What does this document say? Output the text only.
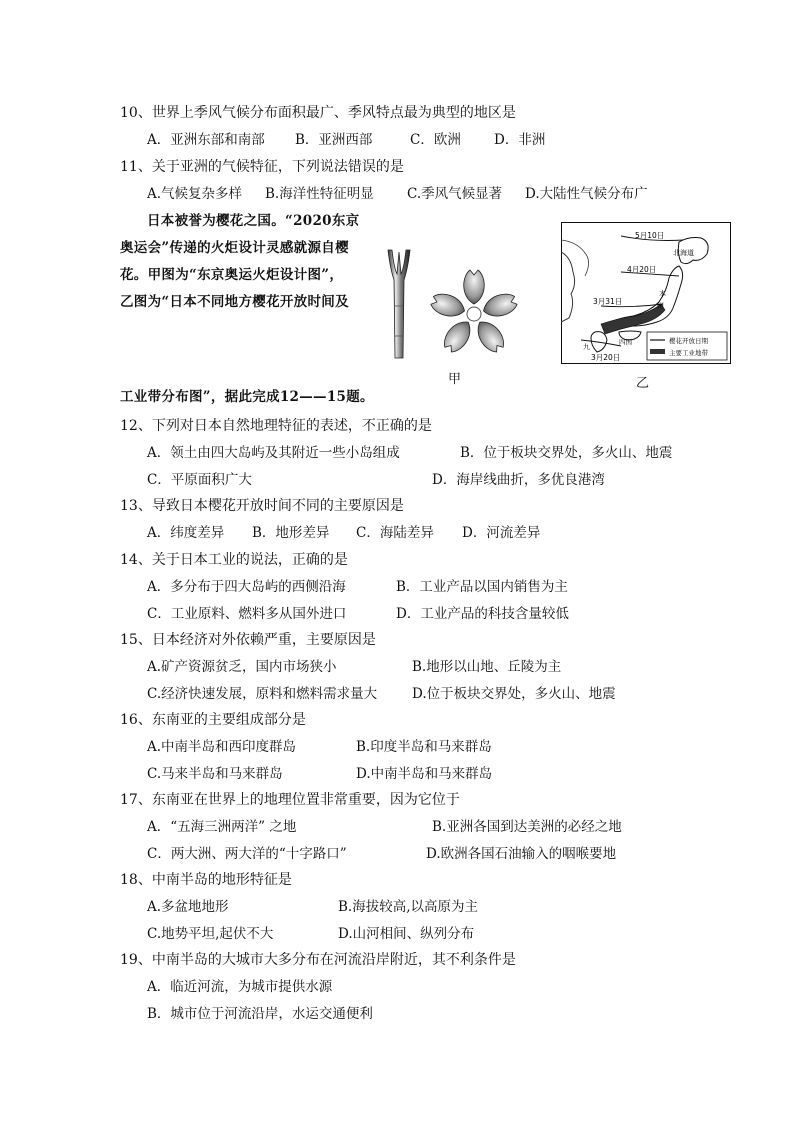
10、世界上季风气候分布面积最广、季风特点最为典型的地区是
A．亚洲东部和南部 B．亚洲西部	C．欧洲 D．非洲
11、关于亚洲的气候特征，下列说法错误的是
A.气候复杂多样 B.海洋性特征明显 C.季风气候显著 D.大陆性气候分布广
日本被誉为樱花之国。“2020东京
奥运会”传递的火炬设计灵感就源自樱
花。甲图为“东京奥运火炬设计图”，
乙图为“日本不同地方樱花开放时间及
工业带分布图”，据此完成12——15题。
5月10日
北海道
4月20日
本
州
3月31日
四国
九
3月20日
樱花开放日期
主要工业地带
甲	乙
12、下列对日本自然地理特征的表述，不正确的是
A．领土由四大岛屿及其附近一些小岛组成	B．位于板块交界处，多火山、地震
C．平原面积广大	D．海岸线曲折，多优良港湾
13、导致日本樱花开放时间不同的主要原因是
A．纬度差异 B．地形差异 C．海陆差异 D．河流差异
14、关于日本工业的说法，正确的是
A．多分布于四大岛屿的西侧沿海	B．工业产品以国内销售为主
C．工业原料、燃料多从国外进口	D．工业产品的科技含量较低
15、日本经济对外依赖严重，主要原因是
A.矿产资源贫乏，国内市场狭小	B.地形以山地、丘陵为主
C.经济快速发展，原料和燃料需求量大	D.位于板块交界处，多火山、地震
16、东南亚的主要组成部分是
A.中南半岛和西印度群岛	B.印度半岛和马来群岛
C.马来半岛和马来群岛	D.中南半岛和马来群岛
17、东南亚在世界上的地理位置非常重要，因为它位于
A．“五海三洲两洋” 之地	B.亚洲各国到达美洲的必经之地
C．两大洲、两大洋的“十字路口”	D.欧洲各国石油输入的咽喉要地
18、中南半岛的地形特征是
A.多盆地地形	B.海拔较高,以高原为主
C.地势平坦,起伏不大	D.山河相间、纵列分布
19、中南半岛的大城市大多分布在河流沿岸附近，其不利条件是
A．临近河流，为城市提供水源
B．城市位于河流沿岸，水运交通便利
